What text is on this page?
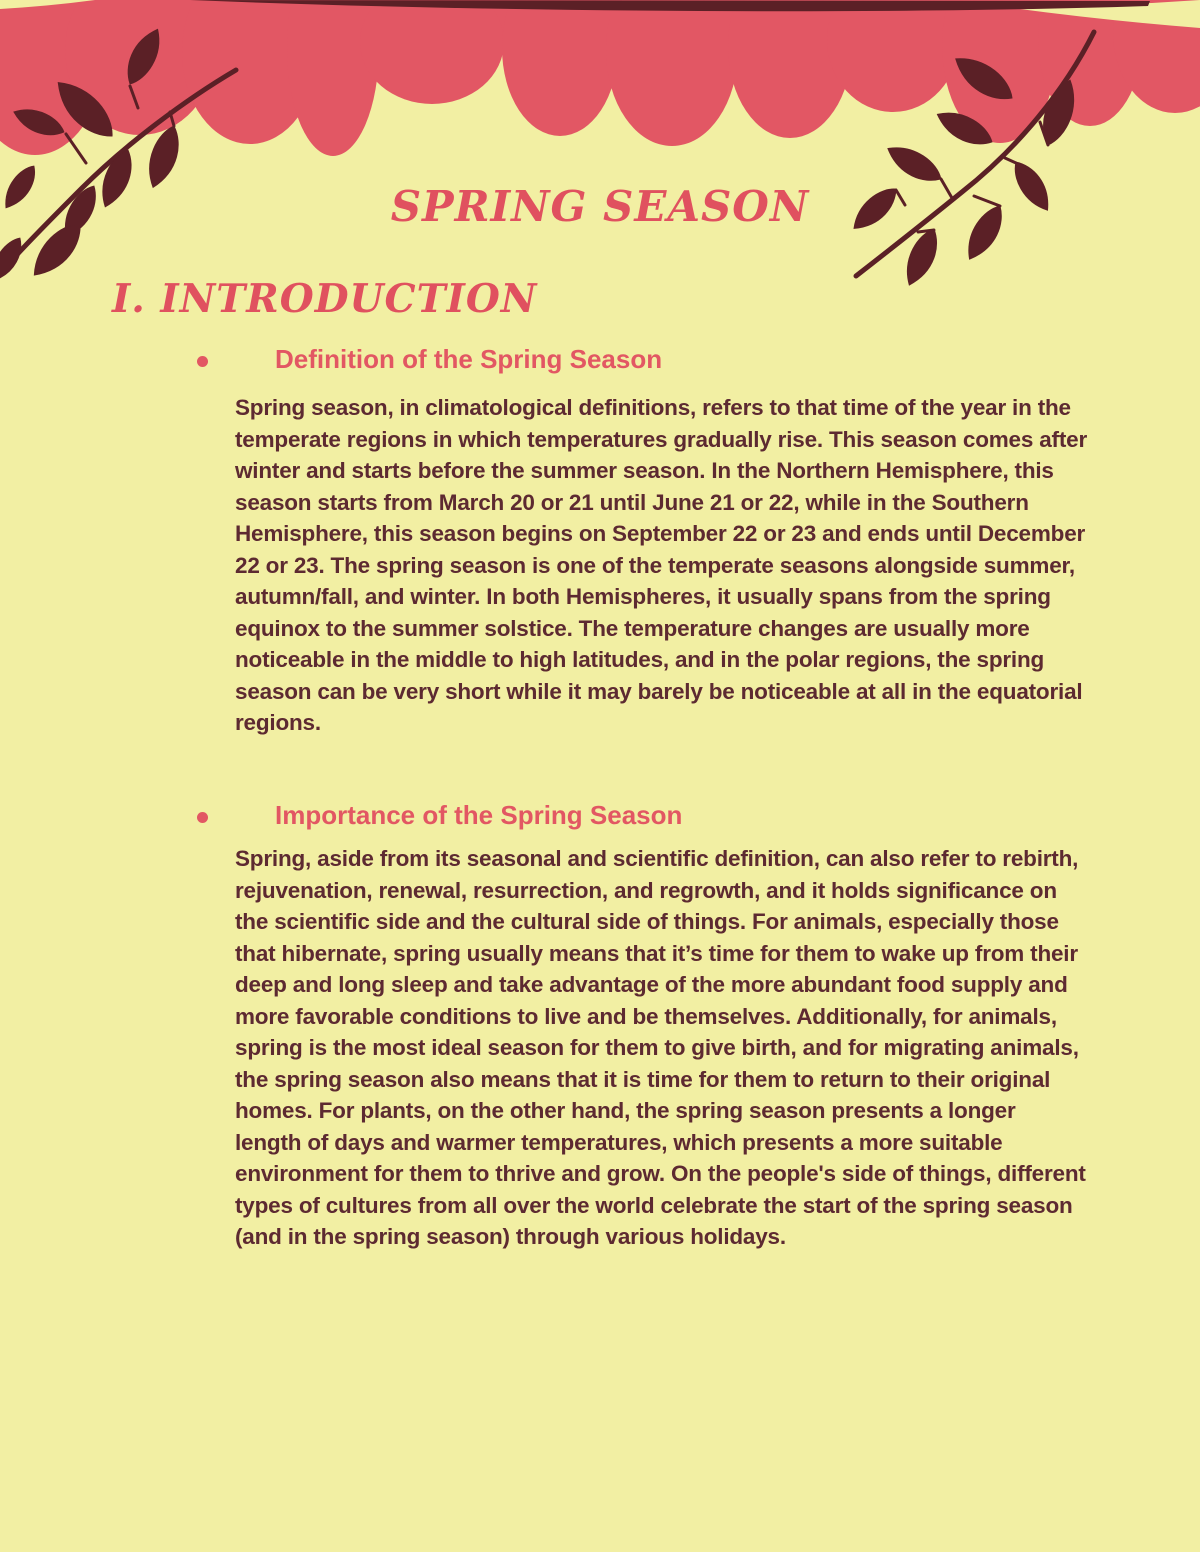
SPRING SEASON
I. INTRODUCTION
Definition of the Spring Season
Spring season, in climatological definitions, refers to that time of the year in the temperate regions in which temperatures gradually rise. This season comes after winter and starts before the summer season. In the Northern Hemisphere, this season starts from March 20 or 21 until June 21 or 22, while in the Southern Hemisphere, this season begins on September 22 or 23 and ends until December 22 or 23. The spring season is one of the temperate seasons alongside summer, autumn/fall, and winter. In both Hemispheres, it usually spans from the spring equinox to the summer solstice. The temperature changes are usually more noticeable in the middle to high latitudes, and in the polar regions, the spring season can be very short while it may barely be noticeable at all in the equatorial regions.
Importance of the Spring Season
Spring, aside from its seasonal and scientific definition, can also refer to rebirth, rejuvenation, renewal, resurrection, and regrowth, and it holds significance on the scientific side and the cultural side of things. For animals, especially those that hibernate, spring usually means that it’s time for them to wake up from their deep and long sleep and take advantage of the more abundant food supply and more favorable conditions to live and be themselves. Additionally, for animals, spring is the most ideal season for them to give birth, and for migrating animals, the spring season also means that it is time for them to return to their original homes. For plants, on the other hand, the spring season presents a longer length of days and warmer temperatures, which presents a more suitable environment for them to thrive and grow. On the people's side of things, different types of cultures from all over the world celebrate the start of the spring season (and in the spring season) through various holidays.
